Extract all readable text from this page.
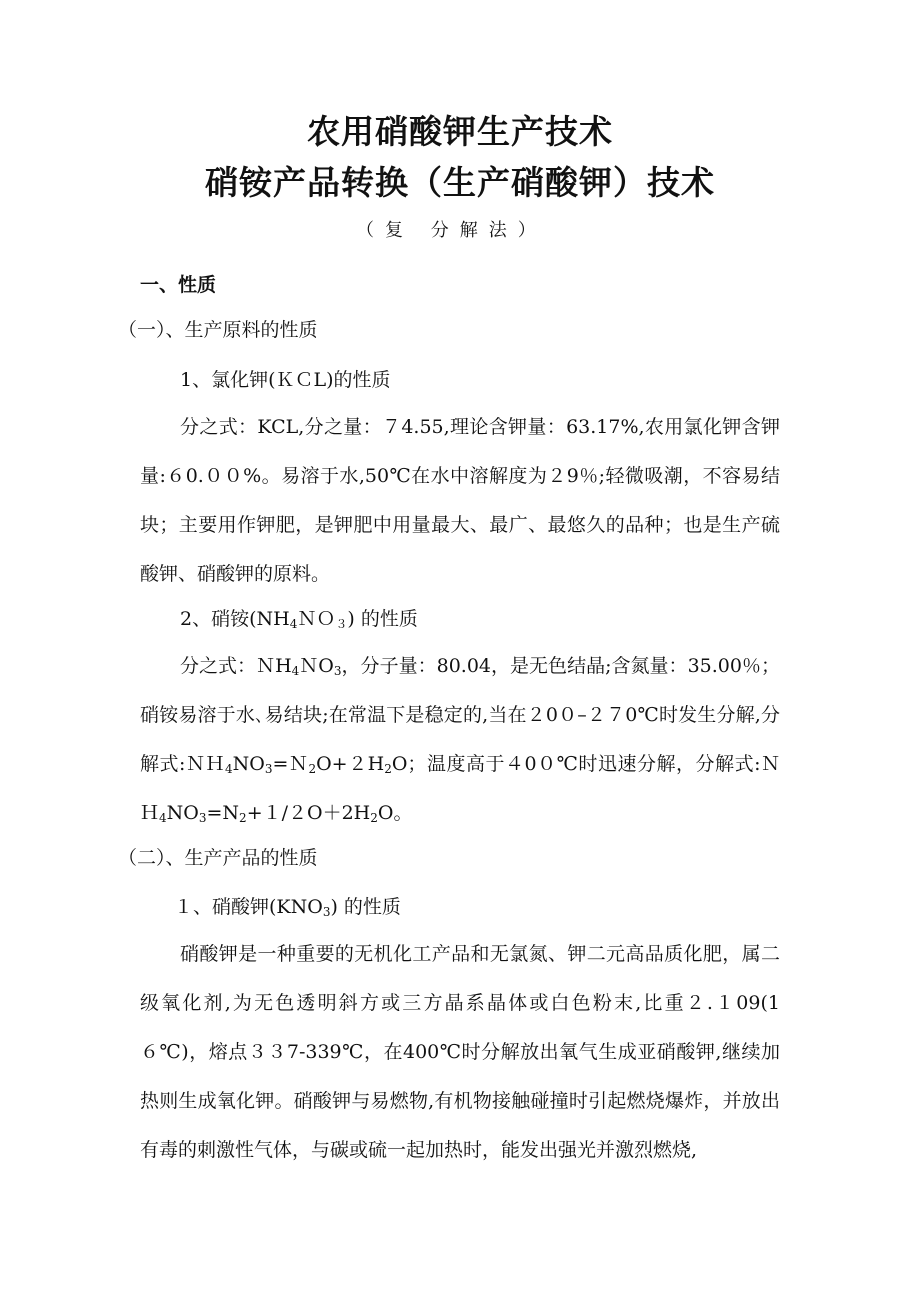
农用硝酸钾生产技术
硝铵产品转换（生产硝酸钾）技术
（复 分解法）
一、性质
（一）、生产原料的性质
1、氯化钾(ＫＣL)的性质
分之式：KCL,分之量：７4.55,理论含钾量：63.17%,农用氯化钾含钾量:６0.００%。易溶于水,50℃在水中溶解度为２9％;轻微吸潮，不容易结块；主要用作钾肥，是钾肥中用量最大、最广、最悠久的品种；也是生产硫酸钾、硝酸钾的原料。
2、硝铵$(NH_4NO_3)$ 的性质
分之式：ＮH$_4$ＮO$_3$，分子量：80.04，是无色结晶;含氮量：35.00％；硝铵易溶于水､易结块;在常温下是稳定的,当在２0０–２７0℃时发生分解,分解式$:NH_4NO_3=N_2O+2H_2O$；温度高于４0０℃时迅速分解，分解式$:NH_4NO_3=N_2+1/2O+2H_2O$。
（二）、生产产品的性质
１、硝酸钾$(KNO_3)$ 的性质
硝酸钾是一种重要的无机化工产品和无氯氮、钾二元高品质化肥，属二级氧化剂,为无色透明斜方或三方晶系晶体或白色粉末,比重２.１09(1６℃)，熔点３３7-339℃，在400℃时分解放出氧气生成亚硝酸钾,继续加热则生成氧化钾。硝酸钾与易燃物,有机物接触碰撞时引起燃烧爆炸，并放出有毒的刺激性气体，与碳或硫一起加热时，能发出强光并激烈燃烧,
